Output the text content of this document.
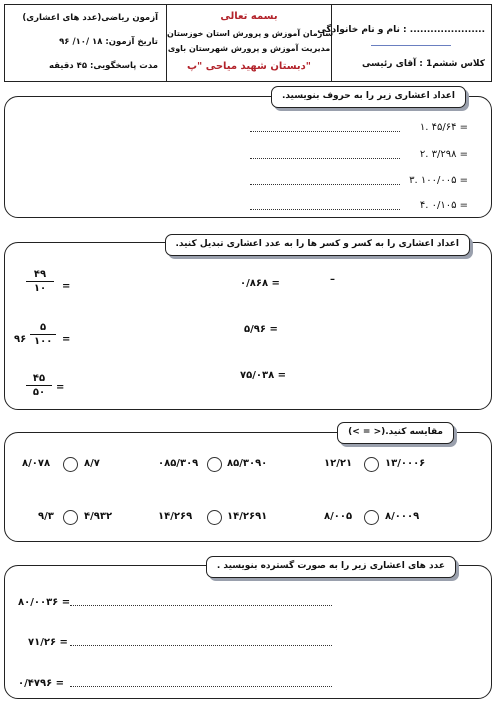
نام و نام خانوادگی : ......................
کلاس ششم1 : آقای رئیسی
بسمه تعالی
سازمان آموزش و پرورش استان خوزستان
مدیریت آموزش و پرورش شهرستان باوی
دبستان شهید میاحی "پ"
آزمون ریاضی(عدد های اعشاری)
تاریخ آزمون: ۱۸ /۱۰/ ۹۶
مدت پاسخگویی: ۴۵ دقیقه
اعداد اعشاری زیر را به حروف بنویسید.
۱. ۴۵/۶۴ =
۲. ۳/۲۹۸ =
۳. ۱۰۰/۰۰۵ =
۴. ۰/۱۰۵ =
اعداد اعشاری را به کسر و کسر ها را به عدد اعشاری تبدیل کنید.
۴۹
۱۰	=
۹۶
۵
۱۰۰ =
۴۵
۵۰	=
۰/۸۶۸ =	–
۵/۹۶ =
۷۵/۰۳۸ =
مقایسه کنید.(< = >)
۱۳/۰۰۰۶
۱۲/۲۱
۸۵/۳۰۹۰
۰۸۵/۳۰۹
۸/۷
۸/۰۷۸
۸/۰۰۰۹
۸/۰۰۵
۱۴/۲۶۹۱
۱۴/۲۶۹
۴/۹۳۲
۹/۳
عدد های اعشاری زیر را به صورت گسترده بنویسید .
۸۰/۰۰۳۶ =
۷۱/۲۶ =
۰/۴۷۹۶ =
